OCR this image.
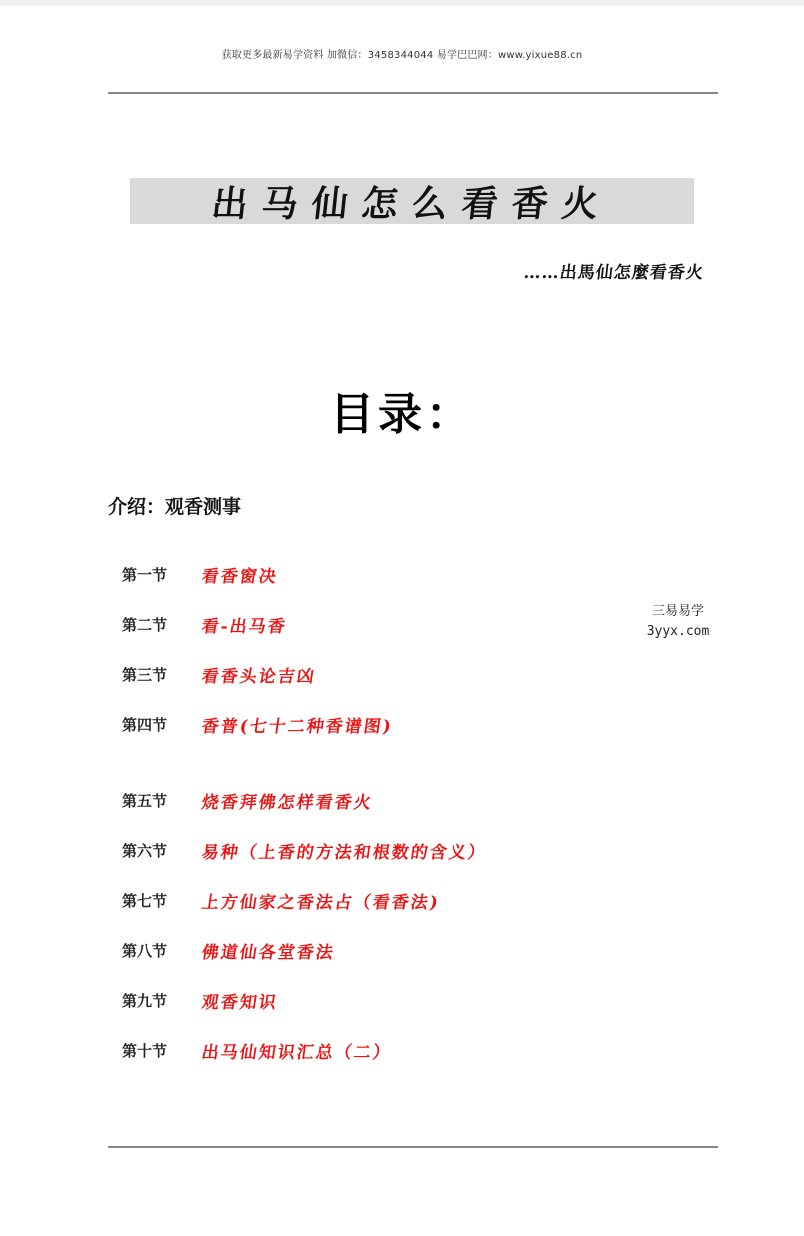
获取更多最新易学资料 加微信：3458344044 易学巴巴网：www.yixue88.cn
出马仙怎么看香火
……出馬仙怎麼看香火
目录：
介绍：观香测事
第一节	看香窗决
第二节	看-出马香
第三节	看香头论吉凶
第四节	香普(七十二种香谱图)
第五节	烧香拜佛怎样看香火
第六节	易种（上香的方法和根数的含义）
第七节	上方仙家之香法占（看香法)
第八节	佛道仙各堂香法
第九节	观香知识
第十节	出马仙知识汇总（二）
三易易学
3yyx.com
